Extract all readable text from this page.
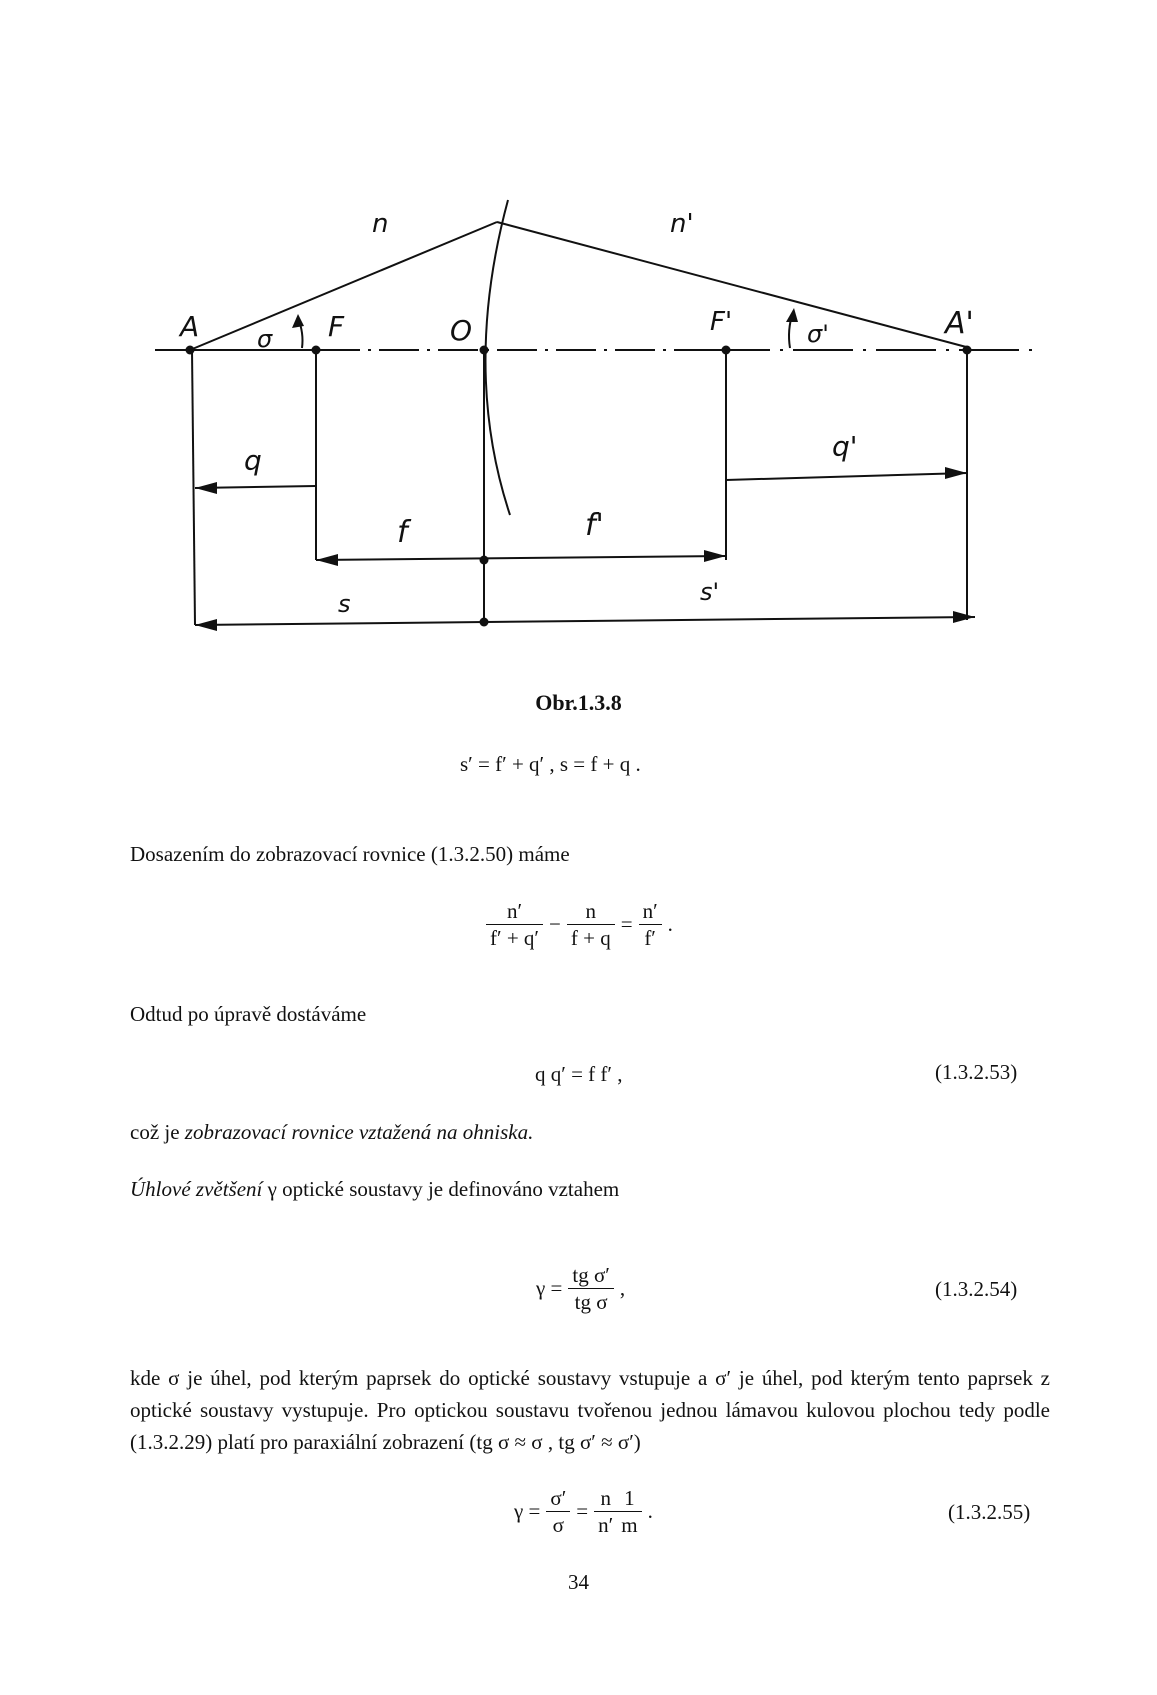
n	n'
A σ F	O	F'	σ'	A'
q	q'
f	f'
s	s'
Obr.1.3.8
s′ = f′ + q′ , s = f + q .
Dosazením do zobrazovací rovnice (1.3.2.50) máme
$\frac{n'}{f' + q'} - \frac{n}{f + q} = \frac{n'}{f'}$ .
Odtud po úpravě dostáváme
q q′ = f f′ ,	(1.3.2.53)
což je zobrazovací rovnice vztažená na ohniska.
Úhlové zvětšení γ optické soustavy je definováno vztahem
$\gamma = \frac{\text{tg σ′}}{\text{tg σ}}$ ,	(1.3.2.54)
kde σ je úhel, pod kterým paprsek do optické soustavy vstupuje a σ′ je úhel, pod kterým tento paprsek z optické soustavy vystupuje. Pro optickou soustavu tvořenou jednou lámavou kulovou plochou tedy podle (1.3.2.29) platí pro paraxiální zobrazení (tg σ ≈ σ , tg σ′ ≈ σ′)
$\gamma = \frac{\sigma'}{\sigma} = \frac{n}{n'} \frac{1}{m}$ .	(1.3.2.55)
34
